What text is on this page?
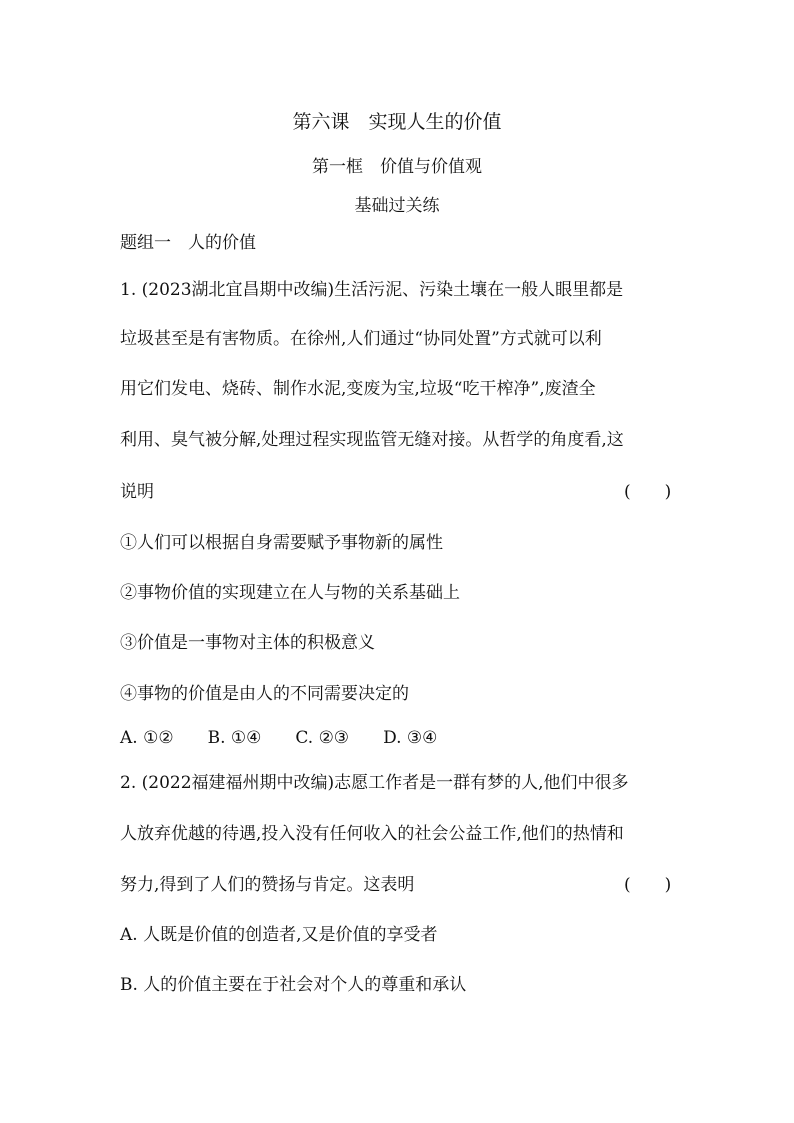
第六课　实现人生的价值
第一框　价值与价值观
基础过关练
题组一　人的价值
1. (2023湖北宜昌期中改编)生活污泥、污染土壤在一般人眼里都是
垃圾甚至是有害物质。在徐州,人们通过“协同处置”方式就可以利
用它们发电、烧砖、制作水泥,变废为宝,垃圾“吃干榨净”,废渣全
利用、臭气被分解,处理过程实现监管无缝对接。从哲学的角度看,这
说明	(　　)
①人们可以根据自身需要赋予事物新的属性
②事物价值的实现建立在人与物的关系基础上
③价值是一事物对主体的积极意义
④事物的价值是由人的不同需要决定的
A. ①② B. ①④ C. ②③ D. ③④
2. (2022福建福州期中改编)志愿工作者是一群有梦的人,他们中很多
人放弃优越的待遇,投入没有任何收入的社会公益工作,他们的热情和
努力,得到了人们的赞扬与肯定。这表明	(　　)
A. 人既是价值的创造者,又是价值的享受者
B. 人的价值主要在于社会对个人的尊重和承认
